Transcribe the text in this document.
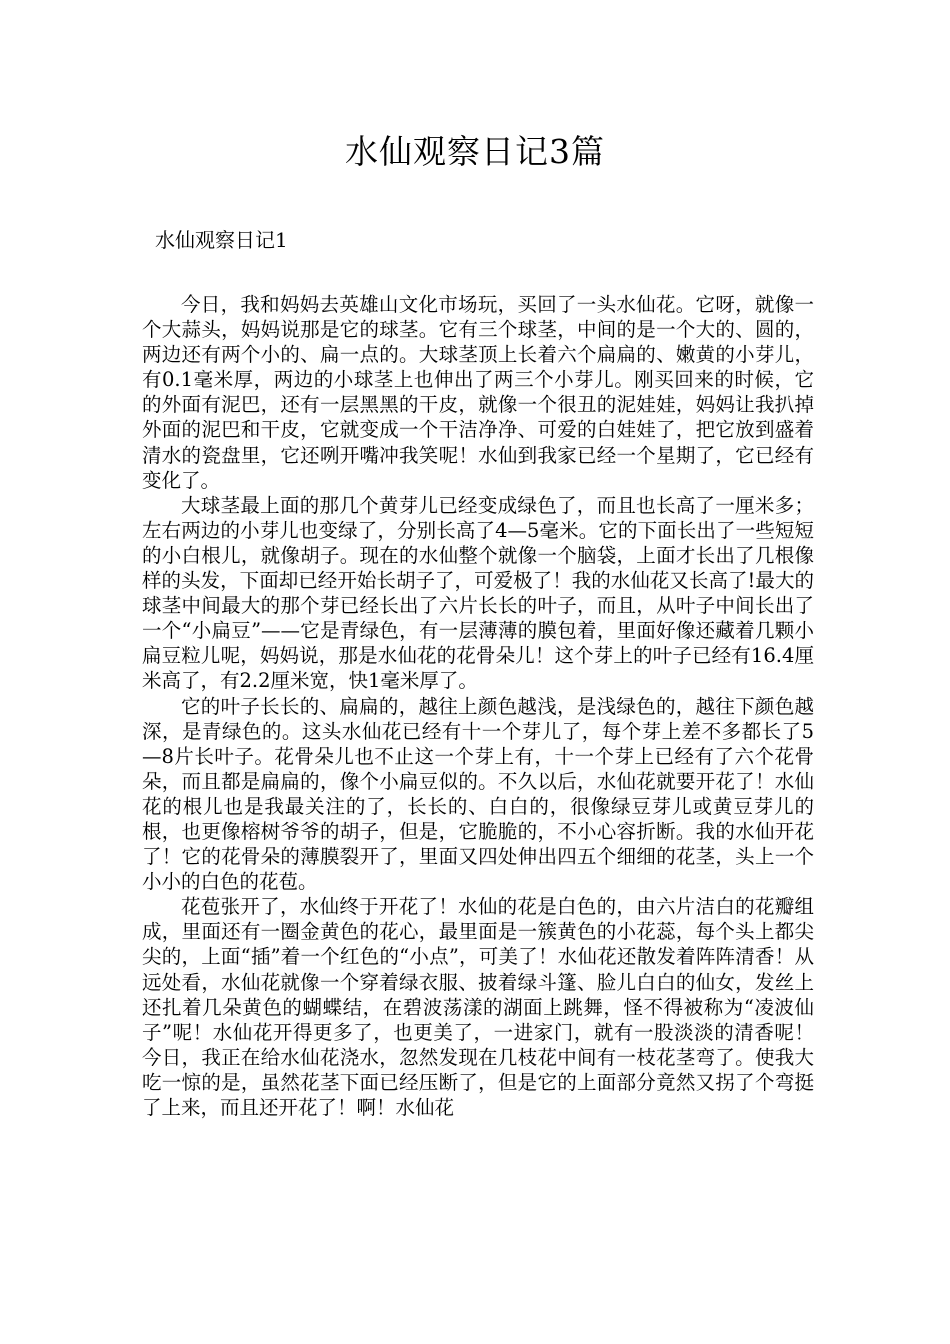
水仙观察日记3篇
水仙观察日记1

今日，我和妈妈去英雄山文化市场玩，买回了一头水仙花。它呀，就像一个大蒜头，妈妈说那是它的球茎。它有三个球茎，中间的是一个大的、圆的，两边还有两个小的、扁一点的。大球茎顶上长着六个扁扁的、嫩黄的小芽儿，有0.1毫米厚，两边的小球茎上也伸出了两三个小芽儿。刚买回来的时候，它的外面有泥巴，还有一层黑黑的干皮，就像一个很丑的泥娃娃，妈妈让我扒掉外面的泥巴和干皮，它就变成一个干洁净净、可爱的白娃娃了，把它放到盛着清水的瓷盘里，它还咧开嘴冲我笑呢！水仙到我家已经一个星期了，它已经有变化了。

大球茎最上面的那几个黄芽儿已经变成绿色了，而且也长高了一厘米多；左右两边的小芽儿也变绿了，分别长高了4—5毫米。它的下面长出了一些短短的小白根儿，就像胡子。现在的水仙整个就像一个脑袋，上面才长出了几根像样的头发，下面却已经开始长胡子了，可爱极了！我的水仙花又长高了!最大的球茎中间最大的那个芽已经长出了六片长长的叶子，而且，从叶子中间长出了一个“小扁豆”——它是青绿色，有一层薄薄的膜包着，里面好像还藏着几颗小扁豆粒儿呢，妈妈说，那是水仙花的花骨朵儿！这个芽上的叶子已经有16.4厘米高了，有2.2厘米宽，快1毫米厚了。

它的叶子长长的、扁扁的，越往上颜色越浅，是浅绿色的，越往下颜色越深，是青绿色的。这头水仙花已经有十一个芽儿了，每个芽上差不多都长了5—8片长叶子。花骨朵儿也不止这一个芽上有，十一个芽上已经有了六个花骨朵，而且都是扁扁的，像个小扁豆似的。不久以后，水仙花就要开花了！水仙花的根儿也是我最关注的了，长长的、白白的，很像绿豆芽儿或黄豆芽儿的根，也更像榕树爷爷的胡子，但是，它脆脆的，不小心容折断。我的水仙开花了！它的花骨朵的薄膜裂开了，里面又四处伸出四五个细细的花茎，头上一个小小的白色的花苞。

花苞张开了，水仙终于开花了！水仙的花是白色的，由六片洁白的花瓣组成，里面还有一圈金黄色的花心，最里面是一簇黄色的小花蕊，每个头上都尖尖的，上面“插”着一个红色的“小点”，可美了！水仙花还散发着阵阵清香！从远处看，水仙花就像一个穿着绿衣服、披着绿斗篷、脸儿白白的仙女，发丝上还扎着几朵黄色的蝴蝶结，在碧波荡漾的湖面上跳舞，怪不得被称为“凌波仙子”呢！水仙花开得更多了，也更美了，一进家门，就有一股淡淡的清香呢！今日，我正在给水仙花浇水，忽然发现在几枝花中间有一枝花茎弯了。使我大吃一惊的是，虽然花茎下面已经压断了，但是它的上面部分竟然又拐了个弯挺了上来，而且还开花了！啊！水仙花
